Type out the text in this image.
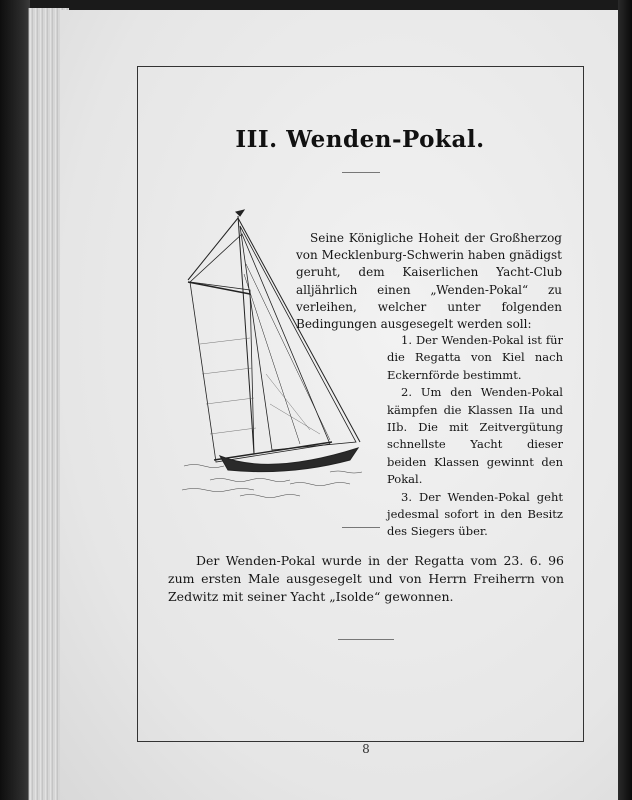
III. Wenden-Pokal.

Seine Königliche Hoheit der Großherzog von Mecklenburg-Schwerin haben gnädigst geruht, dem Kaiserlichen Yacht-Club alljährlich einen „Wenden-Pokal“ zu verleihen, welcher unter folgenden Bedingungen ausgesegelt werden soll:

1. Der Wenden-Pokal ist für die Regatta von Kiel nach Eckernförde bestimmt.

2. Um den Wenden-Pokal kämpfen die Klassen IIa und IIb. Die mit Zeitvergütung schnellste Yacht dieser beiden Klassen gewinnt den Pokal.

3. Der Wenden-Pokal geht jedesmal sofort in den Besitz des Siegers über.

Der Wenden-Pokal wurde in der Regatta vom 23. 6. 96 zum ersten Male ausgesegelt und von Herrn Freiherrn von Zedwitz mit seiner Yacht „Isolde“ gewonnen.
8
